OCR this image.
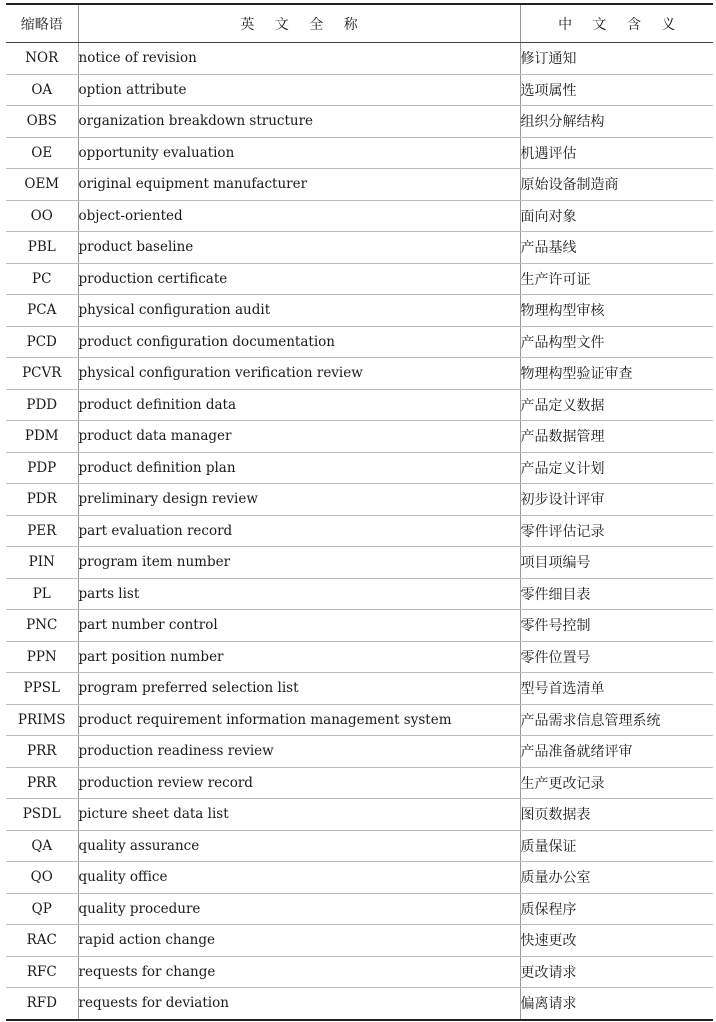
缩略语	英 文 全 称	中 文 含 义
NOR	notice of revision	修订通知
OA	option attribute	选项属性
OBS	organization breakdown structure	组织分解结构
OE	opportunity evaluation	机遇评估
OEM	original equipment manufacturer	原始设备制造商
OO	object-oriented	面向对象
PBL	product baseline	产品基线
PC	production certificate	生产许可证
PCA	physical configuration audit	物理构型审核
PCD	product configuration documentation	产品构型文件
PCVR	physical configuration verification review	物理构型验证审查
PDD	product definition data	产品定义数据
PDM	product data manager	产品数据管理
PDP	product definition plan	产品定义计划
PDR	preliminary design review	初步设计评审
PER	part evaluation record	零件评估记录
PIN	program item number	项目项编号
PL	parts list	零件细目表
PNC	part number control	零件号控制
PPN	part position number	零件位置号
PPSL	program preferred selection list	型号首选清单
PRIMS	product requirement information management system	产品需求信息管理系统
PRR	production readiness review	产品准备就绪评审
PRR	production review record	生产更改记录
PSDL	picture sheet data list	图页数据表
QA	quality assurance	质量保证
QO	quality office	质量办公室
QP	quality procedure	质保程序
RAC	rapid action change	快速更改
RFC	requests for change	更改请求
RFD	requests for deviation	偏离请求
